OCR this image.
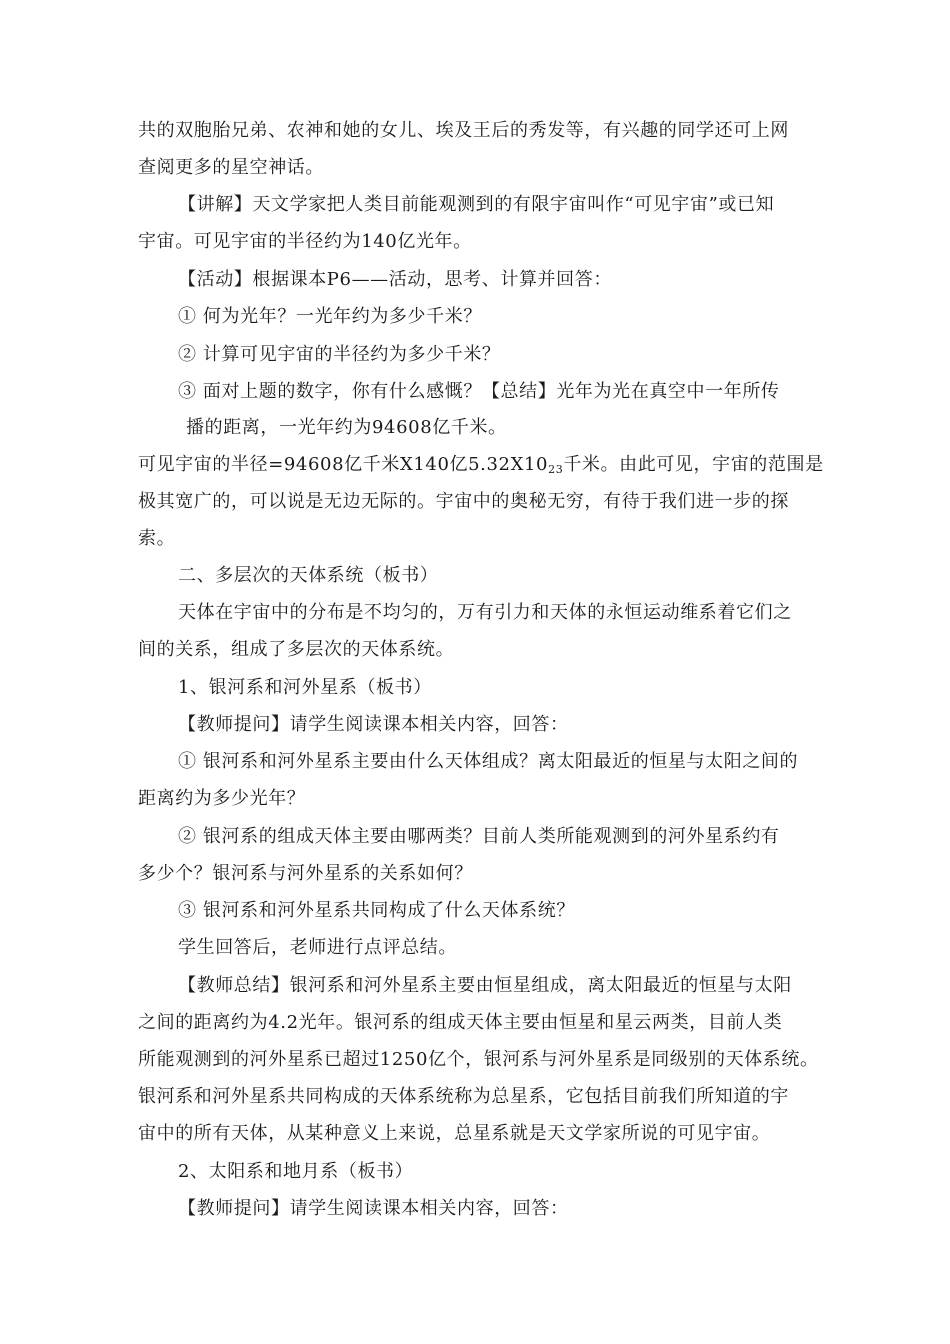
共的双胞胎兄弟、农神和她的女儿、埃及王后的秀发等，有兴趣的同学还可上网
查阅更多的星空神话。
【讲解】天文学家把人类目前能观测到的有限宇宙叫作“可见宇宙”或已知
宇宙。可见宇宙的半径约为140亿光年。
【活动】根据课本P6——活动，思考、计算并回答：
① 何为光年？一光年约为多少千米？
② 计算可见宇宙的半径约为多少千米？
③ 面对上题的数字，你有什么感慨？【总结】光年为光在真空中一年所传
播的距离，一光年约为94608亿千米。
可见宇宙的半径=94608亿千米X140亿5.32X1023千米。由此可见，宇宙的范围是
极其宽广的，可以说是无边无际的。宇宙中的奥秘无穷，有待于我们进一步的探
索。
二、多层次的天体系统（板书）
天体在宇宙中的分布是不均匀的，万有引力和天体的永恒运动维系着它们之
间的关系，组成了多层次的天体系统。
1、银河系和河外星系（板书）
【教师提问】请学生阅读课本相关内容，回答：
① 银河系和河外星系主要由什么天体组成？离太阳最近的恒星与太阳之间的
距离约为多少光年？
② 银河系的组成天体主要由哪两类？目前人类所能观测到的河外星系约有
多少个？银河系与河外星系的关系如何？
③ 银河系和河外星系共同构成了什么天体系统？
学生回答后，老师进行点评总结。
【教师总结】银河系和河外星系主要由恒星组成，离太阳最近的恒星与太阳
之间的距离约为4.2光年。银河系的组成天体主要由恒星和星云两类，目前人类
所能观测到的河外星系已超过1250亿个，银河系与河外星系是同级别的天体系统。
银河系和河外星系共同构成的天体系统称为总星系，它包括目前我们所知道的宇
宙中的所有天体，从某种意义上来说，总星系就是天文学家所说的可见宇宙。
2、太阳系和地月系（板书）
【教师提问】请学生阅读课本相关内容，回答：
